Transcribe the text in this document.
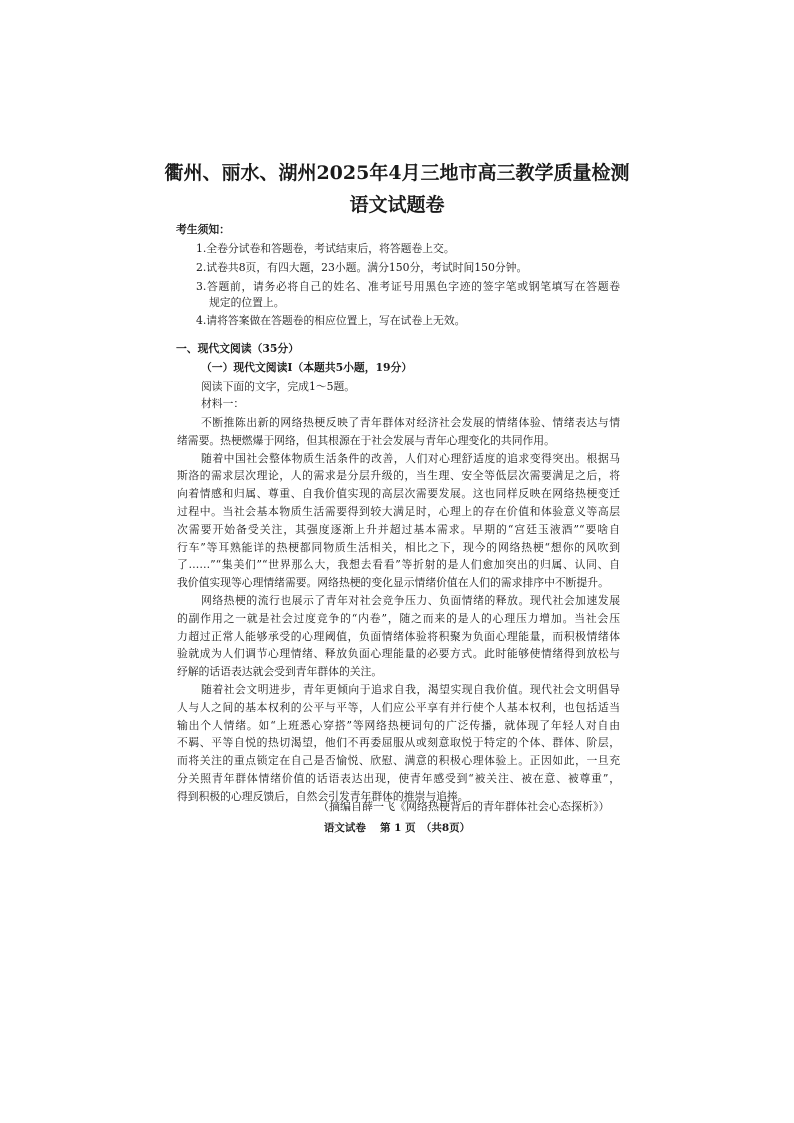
衢州、丽水、湖州2025年4月三地市高三教学质量检测
语文试题卷
考生须知：
1.全卷分试卷和答题卷，考试结束后，将答题卷上交。
2.试卷共8页，有四大题，23小题。满分150分，考试时间150分钟。
3.答题前，请务必将自己的姓名、准考证号用黑色字迹的签字笔或钢笔填写在答题卷
规定的位置上。
4.请将答案做在答题卷的相应位置上，写在试卷上无效。
一、现代文阅读（35分）
（一）现代文阅读Ⅰ（本题共5小题，19分）
阅读下面的文字，完成1～5题。
材料一：
不断推陈出新的网络热梗反映了青年群体对经济社会发展的情绪体验、情绪表达与情
绪需要。热梗燃爆于网络，但其根源在于社会发展与青年心理变化的共同作用。
随着中国社会整体物质生活条件的改善，人们对心理舒适度的追求变得突出。根据马
斯洛的需求层次理论，人的需求是分层升级的，当生理、安全等低层次需要满足之后，将
向着情感和归属、尊重、自我价值实现的高层次需要发展。这也同样反映在网络热梗变迁
过程中。当社会基本物质生活需要得到较大满足时，心理上的存在价值和体验意义等高层
次需要开始备受关注，其强度逐渐上升并超过基本需求。早期的“宫廷玉液酒”“要啥自
行车”等耳熟能详的热梗都同物质生活相关，相比之下，现今的网络热梗“想你的风吹到
了……”“集美们”“世界那么大，我想去看看”等折射的是人们愈加突出的归属、认同、自
我价值实现等心理情绪需要。网络热梗的变化显示情绪价值在人们的需求排序中不断提升。
网络热梗的流行也展示了青年对社会竞争压力、负面情绪的释放。现代社会加速发展
的副作用之一就是社会过度竞争的“内卷”，随之而来的是人的心理压力增加。当社会压
力超过正常人能够承受的心理阈值，负面情绪体验将积聚为负面心理能量，而积极情绪体
验就成为人们调节心理情绪、释放负面心理能量的必要方式。此时能够使情绪得到放松与
纾解的话语表达就会受到青年群体的关注。
随着社会文明进步，青年更倾向于追求自我，渴望实现自我价值。现代社会文明倡导
人与人之间的基本权利的公平与平等，人们应公平享有并行使个人基本权利，也包括适当
输出个人情绪。如“上班悉心穿搭”等网络热梗词句的广泛传播，就体现了年轻人对自由
不羁、平等自悦的热切渴望，他们不再委屈服从或刻意取悦于特定的个体、群体、阶层，
而将关注的重点锁定在自己是否愉悦、欣慰、满意的积极心理体验上。正因如此，一旦充
分关照青年群体情绪价值的话语表达出现，使青年感受到“被关注、被在意、被尊重”，
得到积极的心理反馈后，自然会引发青年群体的推崇与追捧。
（摘编自薛一飞《网络热梗背后的青年群体社会心态探析》）
语文试卷　 第 1 页　（共8页）
